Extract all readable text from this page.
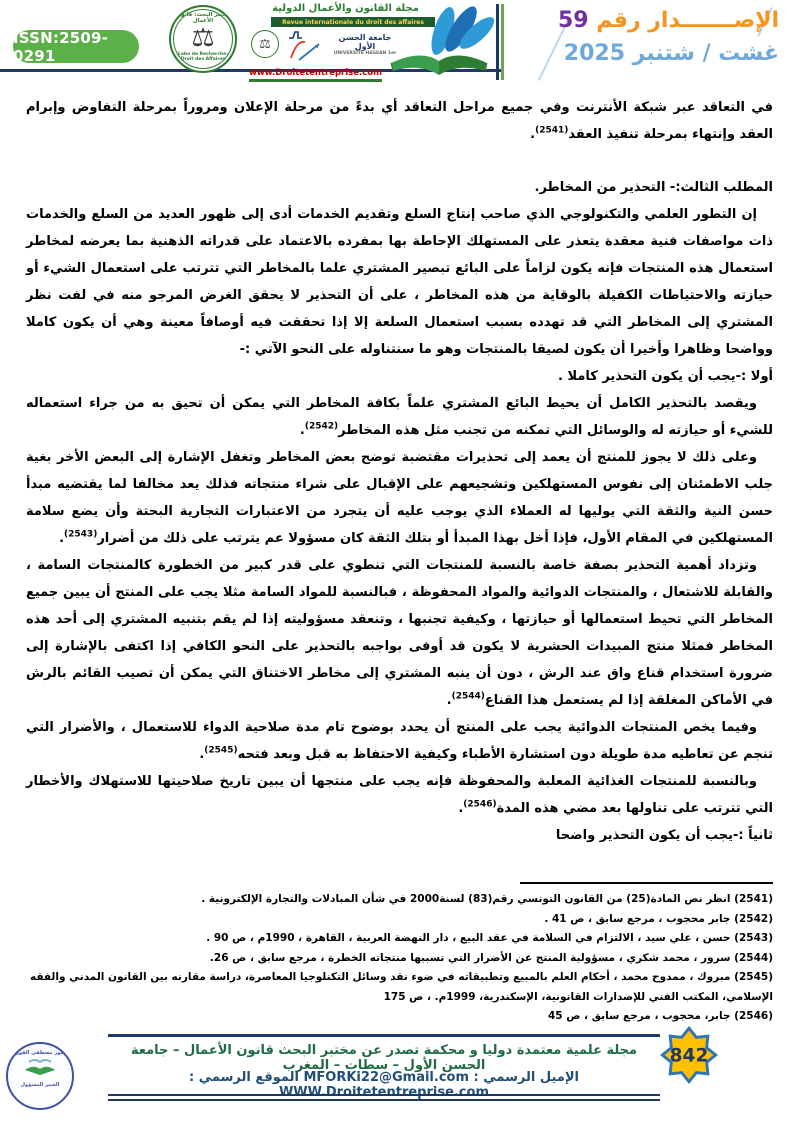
ISSN:2509-0291
مختبر البحث: قانون الأعمال
⚖
Labo de Recherche: Droit des Affaires
مجلة القانون والأعمال الدولية
Revue internationale du droit des affaires
⚖	جامعة الحسن الأول
UNIVERSITE HASSAN 1er
www.Droitetentreprise.com
الإصـــــــدار رقم 59
غشت / شتنبر 2025

في التعاقد عبر شبكة الأنترنت وفي جميع مراحل التعاقد أي بدءً من مرحلة الإعلان ومروراً بمرحلة التفاوض وإبرام العقد وإنتهاء بمرحلة تنفيذ العقد$^{(2541)}$.

المطلب الثالث:- التحذير من المخاطر.

إن التطور العلمي والتكنولوجي الذي صاحب إنتاج السلع وتقديم الخدمات أدى إلى ظهور العديد من السلع والخدمات ذات مواصفات فنية معقدة يتعذر على المستهلك الإحاطة بها بمفرده بالاعتماد على قدراته الذهنية بما يعرضه لمخاطر استعمال هذه المنتجات فإنه يكون لزاماً على البائع تبصير المشتري علما بالمخاطر التي تترتب على استعمال الشيء أو حيازته والاحتياطات الكفيلة بالوقاية من هذه المخاطر ، على أن التحذير لا يحقق الغرض المرجو منه في لفت نظر المشتري إلى المخاطر التي قد تهدده بسبب استعمال السلعة إلا إذا تحققت فيه أوصافاً معينة وهي أن يكون كاملا وواضحا وظاهرا وأخيرا أن يكون لصيقا بالمنتجات وهو ما سنتناوله على النحو الآتي :-

أولا :-يجب أن يكون التحذير كاملا .

ويقصد بالتحذير الكامل أن يحيط البائع المشتري علماً بكافة المخاطر التي يمكن أن تحيق به من جراء استعماله للشيء أو حيازته له والوسائل التي تمكنه من تجنب مثل هذه المخاطر$^{(2542)}$.

وعلى ذلك لا يجوز للمنتج أن يعمد إلى تحذيرات مقتضبة توضح بعض المخاطر وتغفل الإشارة إلى البعض الأخر بغية جلب الاطمئنان إلى نفوس المستهلكين وتشجيعهم على الإقبال على شراء منتجاته فذلك يعد مخالفا لما يقتضيه مبدأ حسن النية والثقة التي يوليها له العملاء الذي يوجب عليه أن يتجرد من الاعتبارات التجارية البحتة وأن يضع سلامة المستهلكين في المقام الأول، فإذا أخل بهذا المبدأ أو بتلك الثقة كان مسؤولا عم يترتب على ذلك من أضرار$^{(2543)}$.

وتزداد أهمية التحذير بصفة خاصة بالنسبة للمنتجات التي تنطوي على قدر كبير من الخطورة كالمنتجات السامة ، والقابلة للاشتعال ، والمنتجات الدوائية والمواد المحفوظة ، فبالنسبة للمواد السامة مثلا يجب على المنتج أن يبين جميع المخاطر التي تحيط استعمالها أو حيازتها ، وكيفية تجنبها ، وتنعقد مسؤوليته إذا لم يقم بتنبيه المشتري إلى أحد هذه المخاطر فمثلا منتج المبيدات الحشرية لا يكون قد أوفى بواجبه بالتحذير على النحو الكافي إذا اكتفى بالإشارة إلى ضرورة استخدام قناع واق عند الرش ، دون أن ينبه المشتري إلى مخاطر الاختناق التي يمكن أن تصيب القائم بالرش في الأماكن المغلقة إذا لم يستعمل هذا القناع$^{(2544)}$.

وفيما يخص المنتجات الدوائية يجب على المنتج أن يحدد بوضوح تام مدة صلاحية الدواء للاستعمال ، والأضرار التي تنجم عن تعاطيه مدة طويلة دون استشارة الأطباء وكيفية الاحتفاظ به قبل وبعد فتحه$^{(2545)}$.

وبالنسبة للمنتجات الغذائية المعلبة والمحفوظة فإنه يجب على منتجها أن يبين تاريخ صلاحيتها للاستهلاك والأخطار التي تترتب على تناولها بعد مضي هذه المدة$^{(2546)}$.

ثانياً :-يجب أن يكون التحذير واضحا
(2541) انظر نص المادة(25) من القانون التونسي رقم(83) لسنة2000 في شأن المبادلات والتجارة الإلكترونية .
(2542) جابر محجوب ، مرجع سابق ، ص 41 .
(2543) حسن ، علي سيد ، الالتزام في السلامة في عقد البيع ، دار النهضة العربية ، القاهرة ، 1990م ، ص 90 .
(2544) سرور ، محمد شكري ، مسؤولية المنتج عن الأضرار التي تسببها منتجاته الخطرة ، مرجع سابق ، ص 26.
(2545) مبروك ، ممدوح محمد ، أحكام العلم بالمبيع وتطبيقاته في ضوء نقد وسائل التكنلوجيا المعاصرة، دراسة مقارنه بين القانون المدني والفقه الإسلامي، المكتب الفني للإصدارات القانونية، الإسكندرية، 1999م. ، ص 175
(2546) جابر، محجوب ، مرجع سابق ، ص 45
مجلة علمية معتمدة دوليا و محكمة تصدر عن مختبر البحث قانون الأعمال – جامعة الحسن الأول – سطات – المغرب
الإميل الرسمي : MFORKi22@Gmail.com الموقع الرسمي : WWW.Droitetentreprise.com
842
الدكتور مصطفى الفوركي
الخبير المسؤول
